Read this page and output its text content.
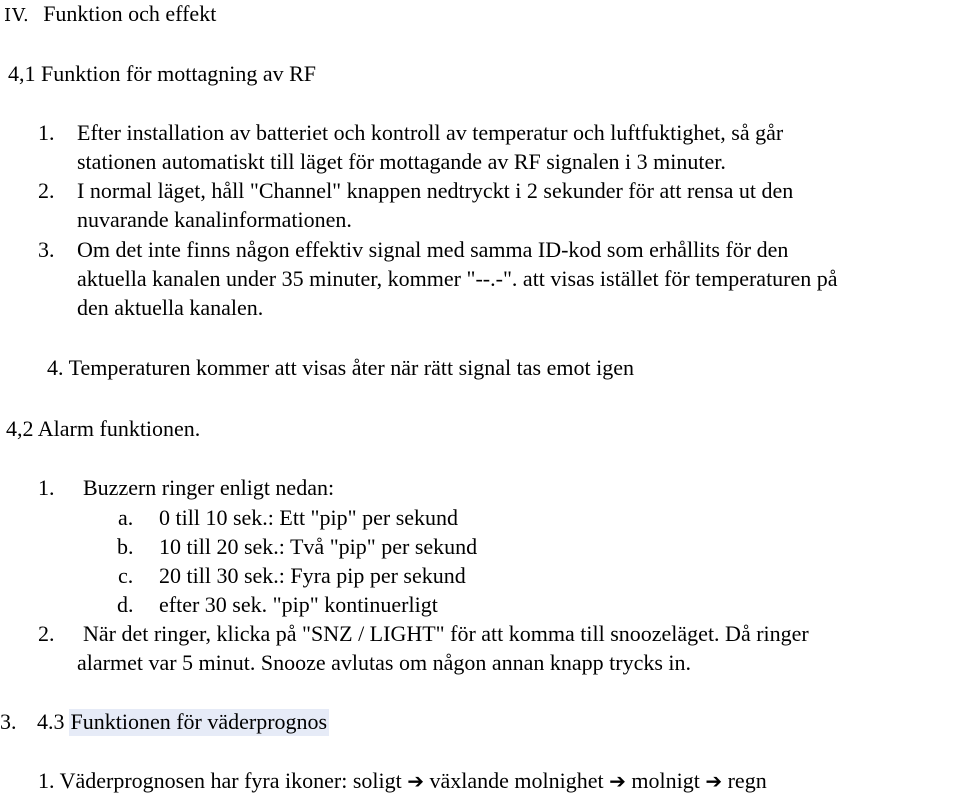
IV. Funktion och effekt
4,1 Funktion för mottagning av RF
1. Efter installation av batteriet och kontroll av temperatur och luftfuktighet, så går
stationen automatiskt till läget för mottagande av RF signalen i 3 minuter.
2. I normal läget, håll "Channel" knappen nedtryckt i 2 sekunder för att rensa ut den
nuvarande kanalinformationen.
3. Om det inte finns någon effektiv signal med samma ID-kod som erhållits för den
aktuella kanalen under 35 minuter, kommer "--.-". att visas istället för temperaturen på
den aktuella kanalen.
4. Temperaturen kommer att visas åter när rätt signal tas emot igen
4,2 Alarm funktionen.
1. Buzzern ringer enligt nedan:
a. 0 till 10 sek.: Ett "pip" per sekund
b. 10 till 20 sek.: Två "pip" per sekund
c. 20 till 30 sek.: Fyra pip per sekund
d. efter 30 sek. "pip" kontinuerligt
2. När det ringer, klicka på "SNZ / LIGHT" för att komma till snoozeläget. Då ringer
alarmet var 5 minut. Snooze avlutas om någon annan knapp trycks in.
3. 4.3 Funktionen för väderprognos
1. Väderprognosen har fyra ikoner: soligt ➔ växlande molnighet ➔ molnigt ➔ regn
